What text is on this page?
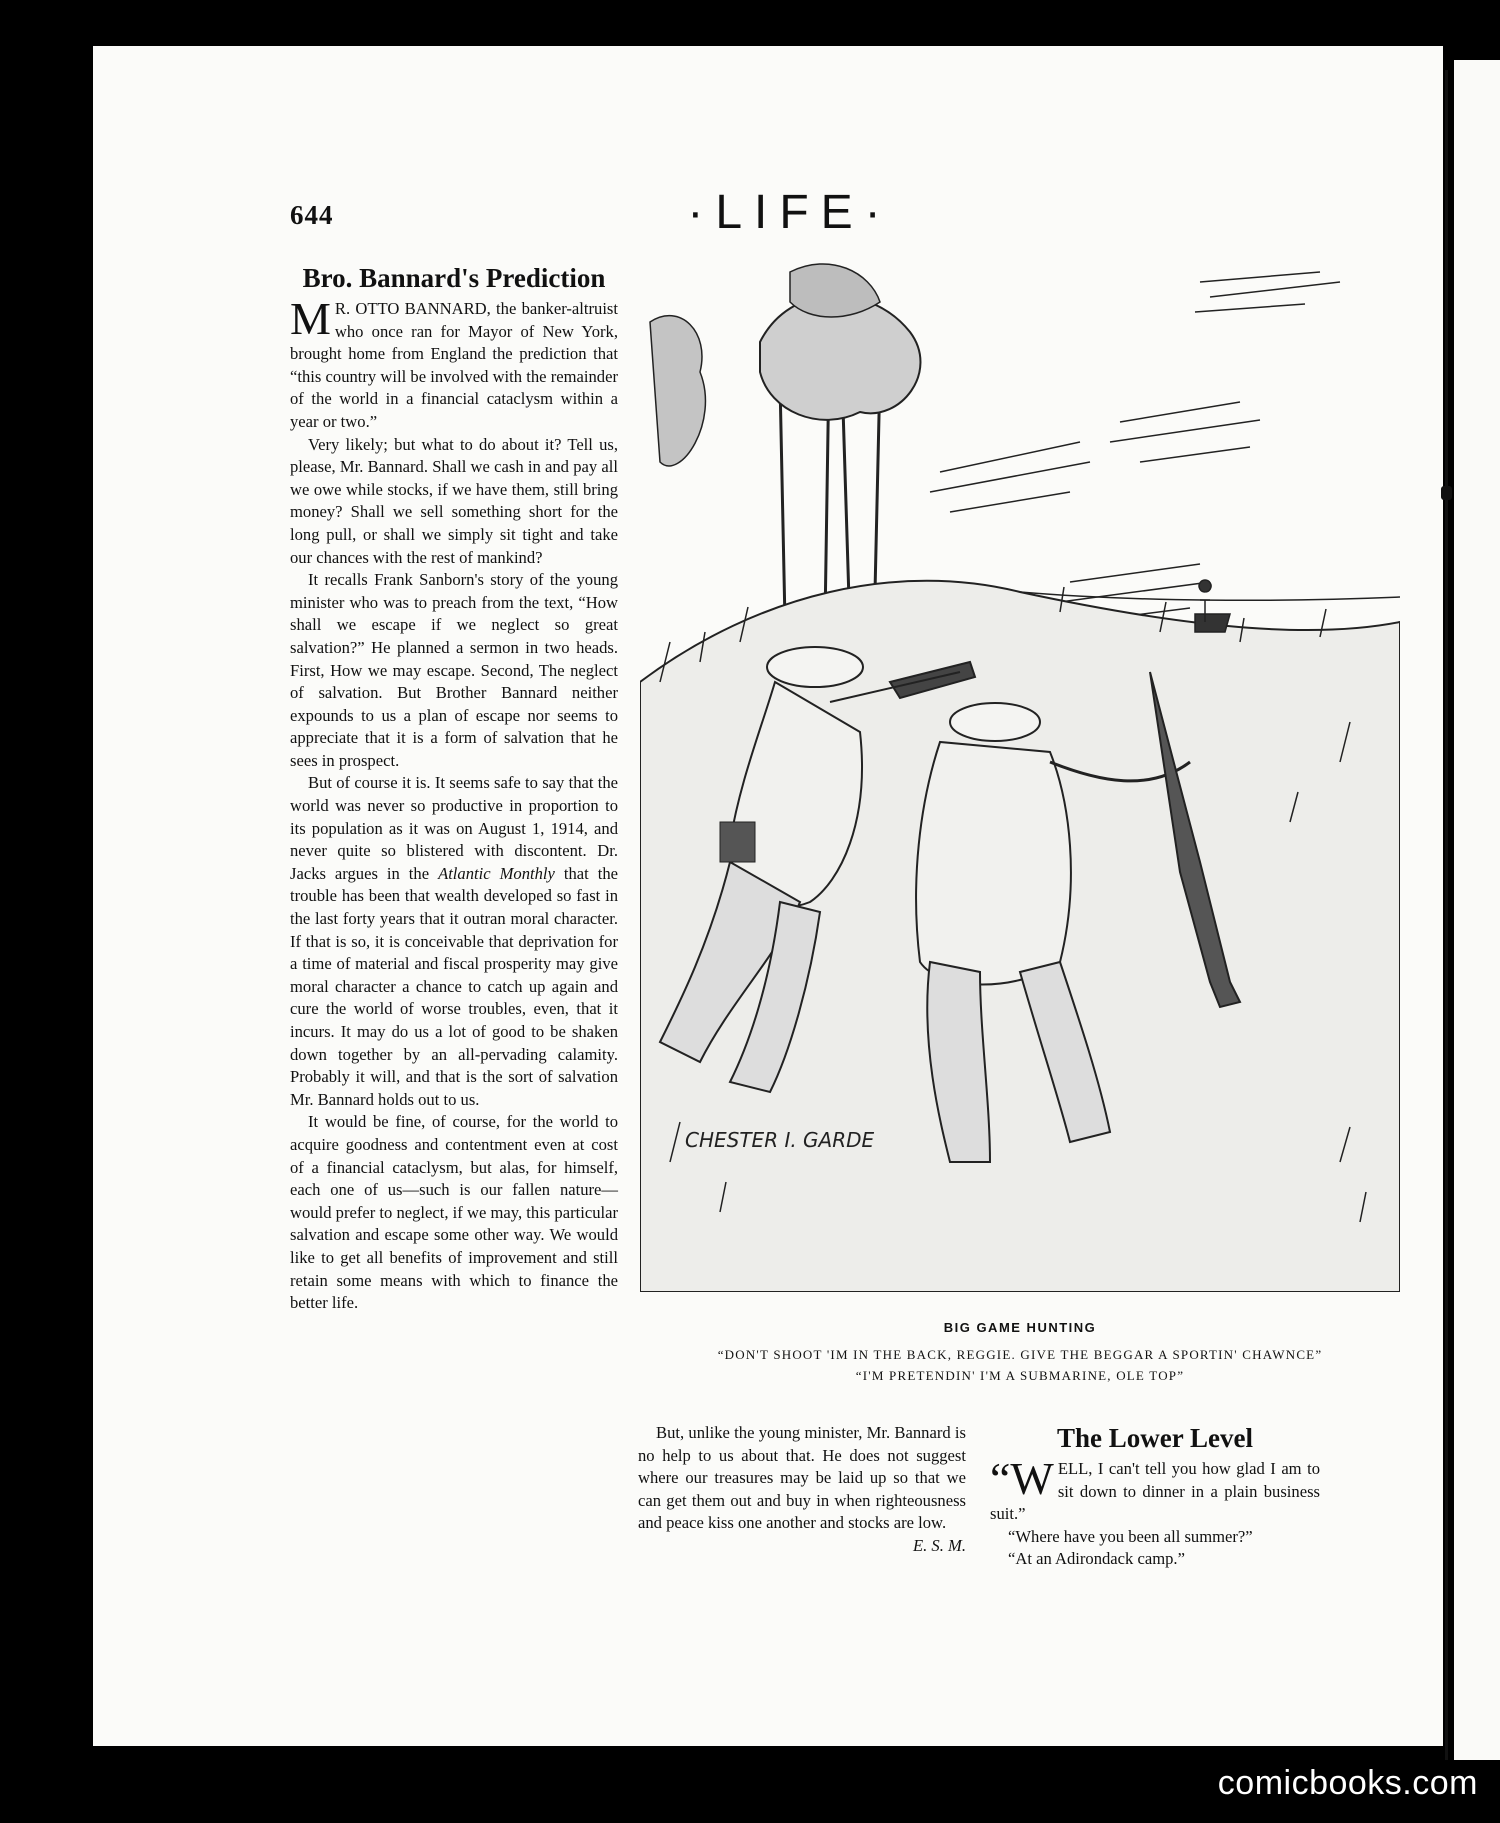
644	·LIFE·
Bro. Bannard's Prediction

M R. OTTO BANNARD, the banker-altruist who once ran for Mayor of New York, brought home from England the prediction that “this country will be involved with the remainder of the world in a financial cataclysm within a year or two.”

Very likely; but what to do about it? Tell us, please, Mr. Bannard. Shall we cash in and pay all we owe while stocks, if we have them, still bring money? Shall we sell something short for the long pull, or shall we simply sit tight and take our chances with the rest of mankind?

It recalls Frank Sanborn's story of the young minister who was to preach from the text, “How shall we escape if we neglect so great salvation?” He planned a sermon in two heads. First, How we may escape. Second, The neglect of salvation. But Brother Bannard neither expounds to us a plan of escape nor seems to appreciate that it is a form of salvation that he sees in prospect.

But of course it is. It seems safe to say that the world was never so productive in proportion to its population as it was on August 1, 1914, and never quite so blistered with discontent. Dr. Jacks argues in the Atlantic Monthly that the trouble has been that wealth developed so fast in the last forty years that it outran moral character. If that is so, it is conceivable that deprivation for a time of material and fiscal prosperity may give moral character a chance to catch up again and cure the world of worse troubles, even, that it incurs. It may do us a lot of good to be shaken down together by an all-pervading calamity. Probably it will, and that is the sort of salvation Mr. Bannard holds out to us.

It would be fine, of course, for the world to acquire goodness and contentment even at cost of a financial cataclysm, but alas, for himself, each one of us—such is our fallen nature—would prefer to neglect, if we may, this particular salvation and escape some other way. We would like to get all benefits of improvement and still retain some means with which to finance the better life.

CHESTER I. GARDE
BIG GAME HUNTING
“DON'T SHOOT 'IM IN THE BACK, REGGIE. GIVE THE BEGGAR A SPORTIN' CHAWNCE”
“I'M PRETENDIN' I'M A SUBMARINE, OLE TOP”

But, unlike the young minister, Mr. Bannard is no help to us about that. He does not suggest where our treasures may be laid up so that we can get them out and buy in when righteousness and peace kiss one another and stocks are low.

E. S. M.
The Lower Level

“W ELL, I can't tell you how glad I am to sit down to dinner in a plain business suit.”

“Where have you been all summer?”

“At an Adirondack camp.”

comicbooks.com
